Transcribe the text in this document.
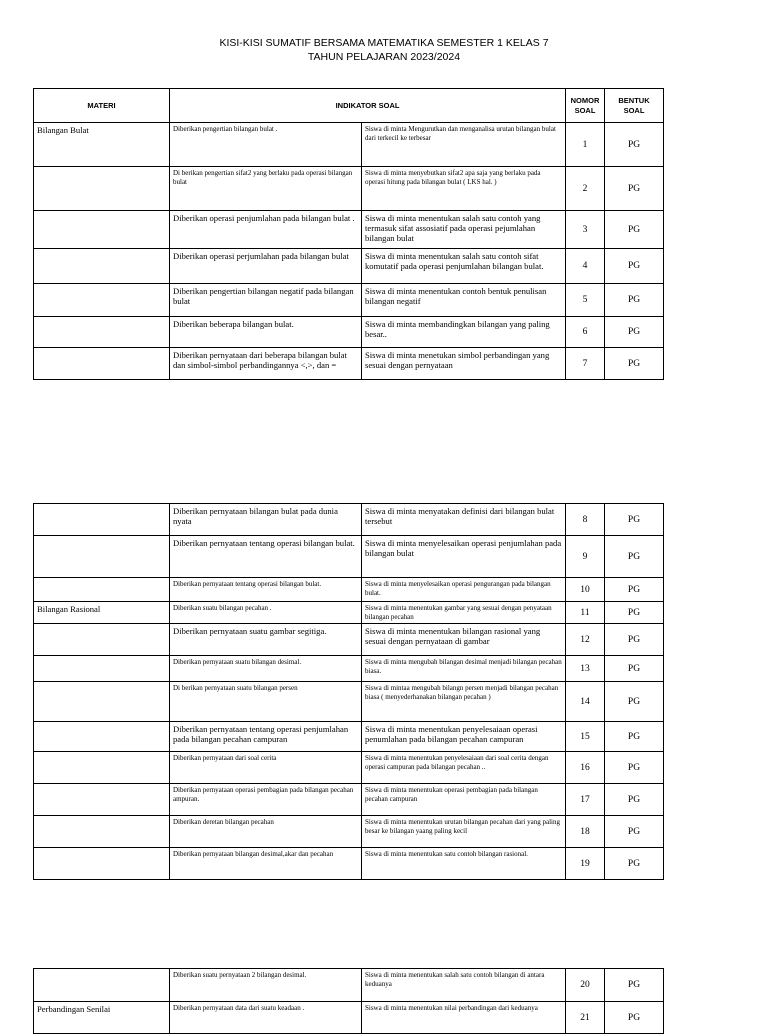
KISI-KISI SUMATIF BERSAMA MATEMATIKA SEMESTER 1 KELAS 7
TAHUN PELAJARAN 2023/2024
MATERI	INDIKATOR SOAL		NOMOR SOAL	BENTUK SOAL
Bilangan Bulat	Diberikan pengertian bilangan bulat .	Siswa di minta Mengurutkan dan menganalisa urutan bilangan bulat dari terkecil ke terbesar	1	PG
	Di berikan pengertian sifat2 yang berlaku pada operasi bilangan bulat	Siswa di minta menyebutkan sifat2 apa saja yang berlaku pada operasi hitung pada bilangan bulat ( LKS hal. )	2	PG
	Diberikan operasi penjumlahan pada bilangan bulat .	Siswa di minta menentukan salah satu contoh yang termasuk sifat assosiatif pada operasi pejumlahan bilangan bulat	3	PG
	Diberikan operasi perjumlahan pada bilangan bulat	Siswa di minta menentukan salah satu contoh sifat komutatif pada operasi penjumlahan bilangan bulat.	4	PG
	Diberikan pengertian bilangan negatif pada bilangan bulat	Siswa di minta menentukan contoh bentuk penulisan bilangan negatif	5	PG
	Diberikan beberapa bilangan bulat.	Siswa di minta membandingkan bilangan yang paling besar..	6	PG
	Diberikan pernyataan dari beberapa bilangan bulat dan simbol-simbol perbandingannya <,>, dan =	Siswa di minta menetukan simbol perbandingan yang sesuai dengan pernyataan	7	PG
	Diberikan pernyataan bilangan bulat pada dunia nyata	Siswa di minta menyatakan definisi dari bilangan bulat tersebut	8	PG
	Diberikan pernyataan tentang operasi bilangan bulat.	Siswa di minta menyelesaikan operasi penjumlahan pada bilangan bulat	9	PG
	Diberikan pernyataan tentang operasi bilangan bulat.	Siswa di minta menyelesaikan operasi pengurangan pada bilangan bulat.	10	PG
Bilangan Rasional	Diberikan suatu bilangan pecahan .	Siswa di minta menentukan gambar yang sesuai dengan penyataan bilangan pecahan	11	PG
	Diberikan pernyataan suatu gambar segitiga.	Siswa di minta menentukan bilangan rasional yang sesuai dengan pernyataan di gambar	12	PG
	Diberikan pernyataan suatu bilangan desimal.	Siswa di minta mengubah bilangan desimal menjadi bilangan pecahan biasa.	13	PG
	Di berikan pernyataan suatu bilangan persen	Siswa di mintaa mengubah bilangn persen menjadi bilangan pecahan biasa ( menyederhanakan bilangan pecahan )	14	PG
	Diberikan pernyataan tentang operasi penjumlahan pada bilangan pecahan campuran	Siswa di minta menentukan penyelesaiaan operasi penumlahan pada bilangan pecahan campuran	15	PG
	Diberikan pernyataan dari soal cerita	Siswa di minta menentukan penyelesaiaan dari soal cerita dengan operasi campuran pada bilangan pecahan ..	16	PG
	Diberikan pernyataan operasi pembagian pada bilangan pecahan ampuran.	Siswa di minta menentukan operasi pembagian pada bilangan pecahan campuran	17	PG
	Diberikan deretan bilangan pecahan	Siswa di minta menentukan urutan bilangan pecahan dari yang paling besar ke bilangan yaang paling kecil	18	PG
	Diberikan pernyataan bilangan desimal,akar dan pecahan	Siswa di minta menentukan satu contoh bilangan rasional.	19	PG
	Diberikan suatu pernyataan 2 bilangan desimal.	Siswa di minta menentukan salah satu contoh bilangan di antara keduanya	20	PG
Perbandingan Senilai	Diberikan pernyataan data dari suatu keadaan .	Siswa di minta menentukan nilai perbandingan dari keduanya	21	PG
